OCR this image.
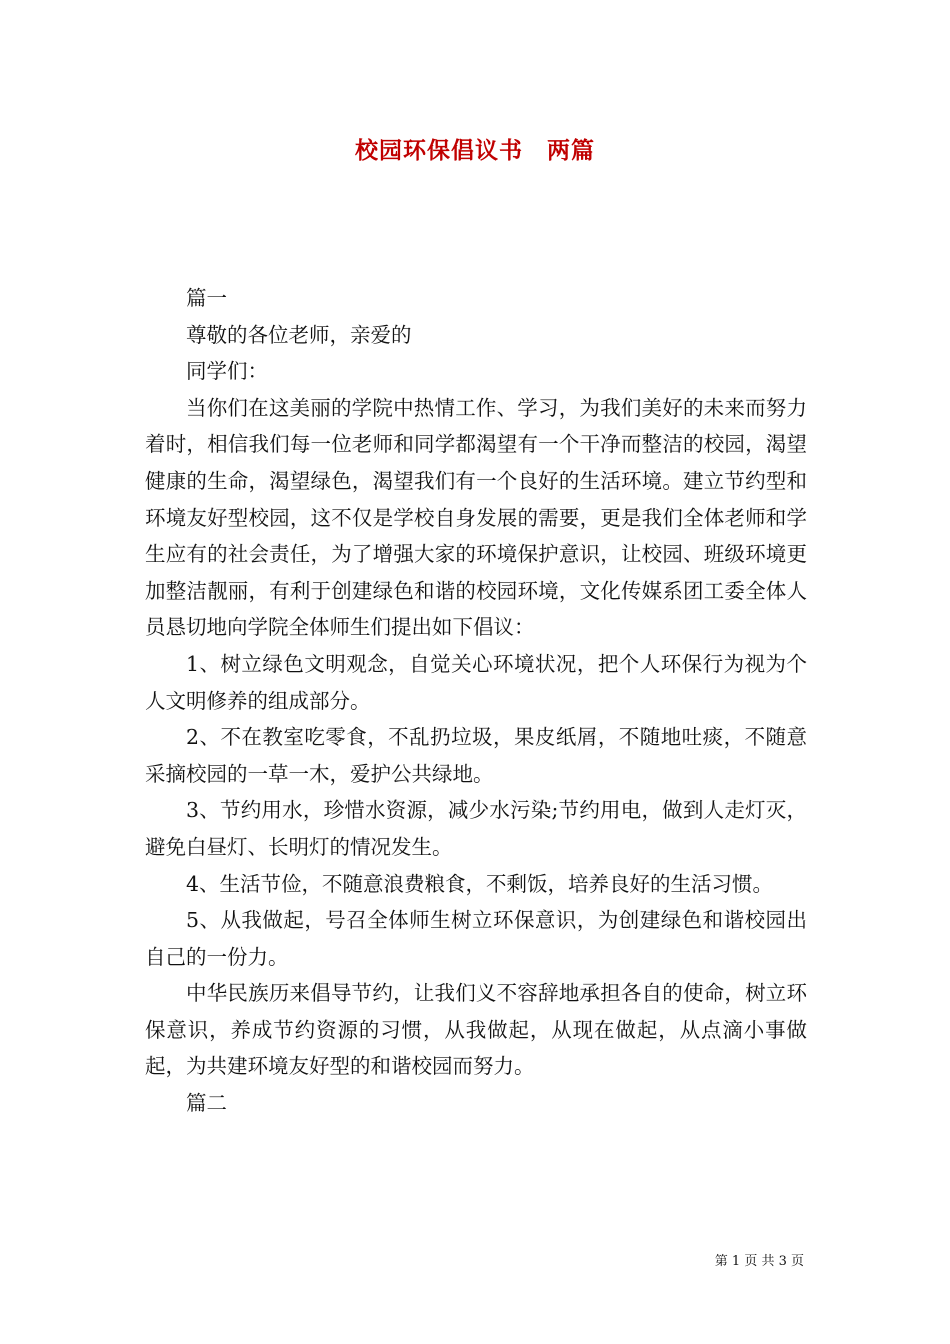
校园环保倡议书　两篇

篇一

尊敬的各位老师，亲爱的

同学们：

当你们在这美丽的学院中热情工作、学习，为我们美好的未来而努力着时，相信我们每一位老师和同学都渴望有一个干净而整洁的校园，渴望健康的生命，渴望绿色，渴望我们有一个良好的生活环境。建立节约型和环境友好型校园，这不仅是学校自身发展的需要，更是我们全体老师和学生应有的社会责任，为了增强大家的环境保护意识，让校园、班级环境更加整洁靓丽，有利于创建绿色和谐的校园环境，文化传媒系团工委全体人员恳切地向学院全体师生们提出如下倡议：

1、树立绿色文明观念，自觉关心环境状况，把个人环保行为视为个人文明修养的组成部分。

2、不在教室吃零食，不乱扔垃圾，果皮纸屑，不随地吐痰，不随意采摘校园的一草一木，爱护公共绿地。

3、节约用水，珍惜水资源，减少水污染;节约用电，做到人走灯灭，避免白昼灯、长明灯的情况发生。

4、生活节俭，不随意浪费粮食，不剩饭，培养良好的生活习惯。

5、从我做起，号召全体师生树立环保意识，为创建绿色和谐校园出自己的一份力。

中华民族历来倡导节约，让我们义不容辞地承担各自的使命，树立环保意识，养成节约资源的习惯，从我做起，从现在做起，从点滴小事做起，为共建环境友好型的和谐校园而努力。

篇二

第 1 页 共 3 页
